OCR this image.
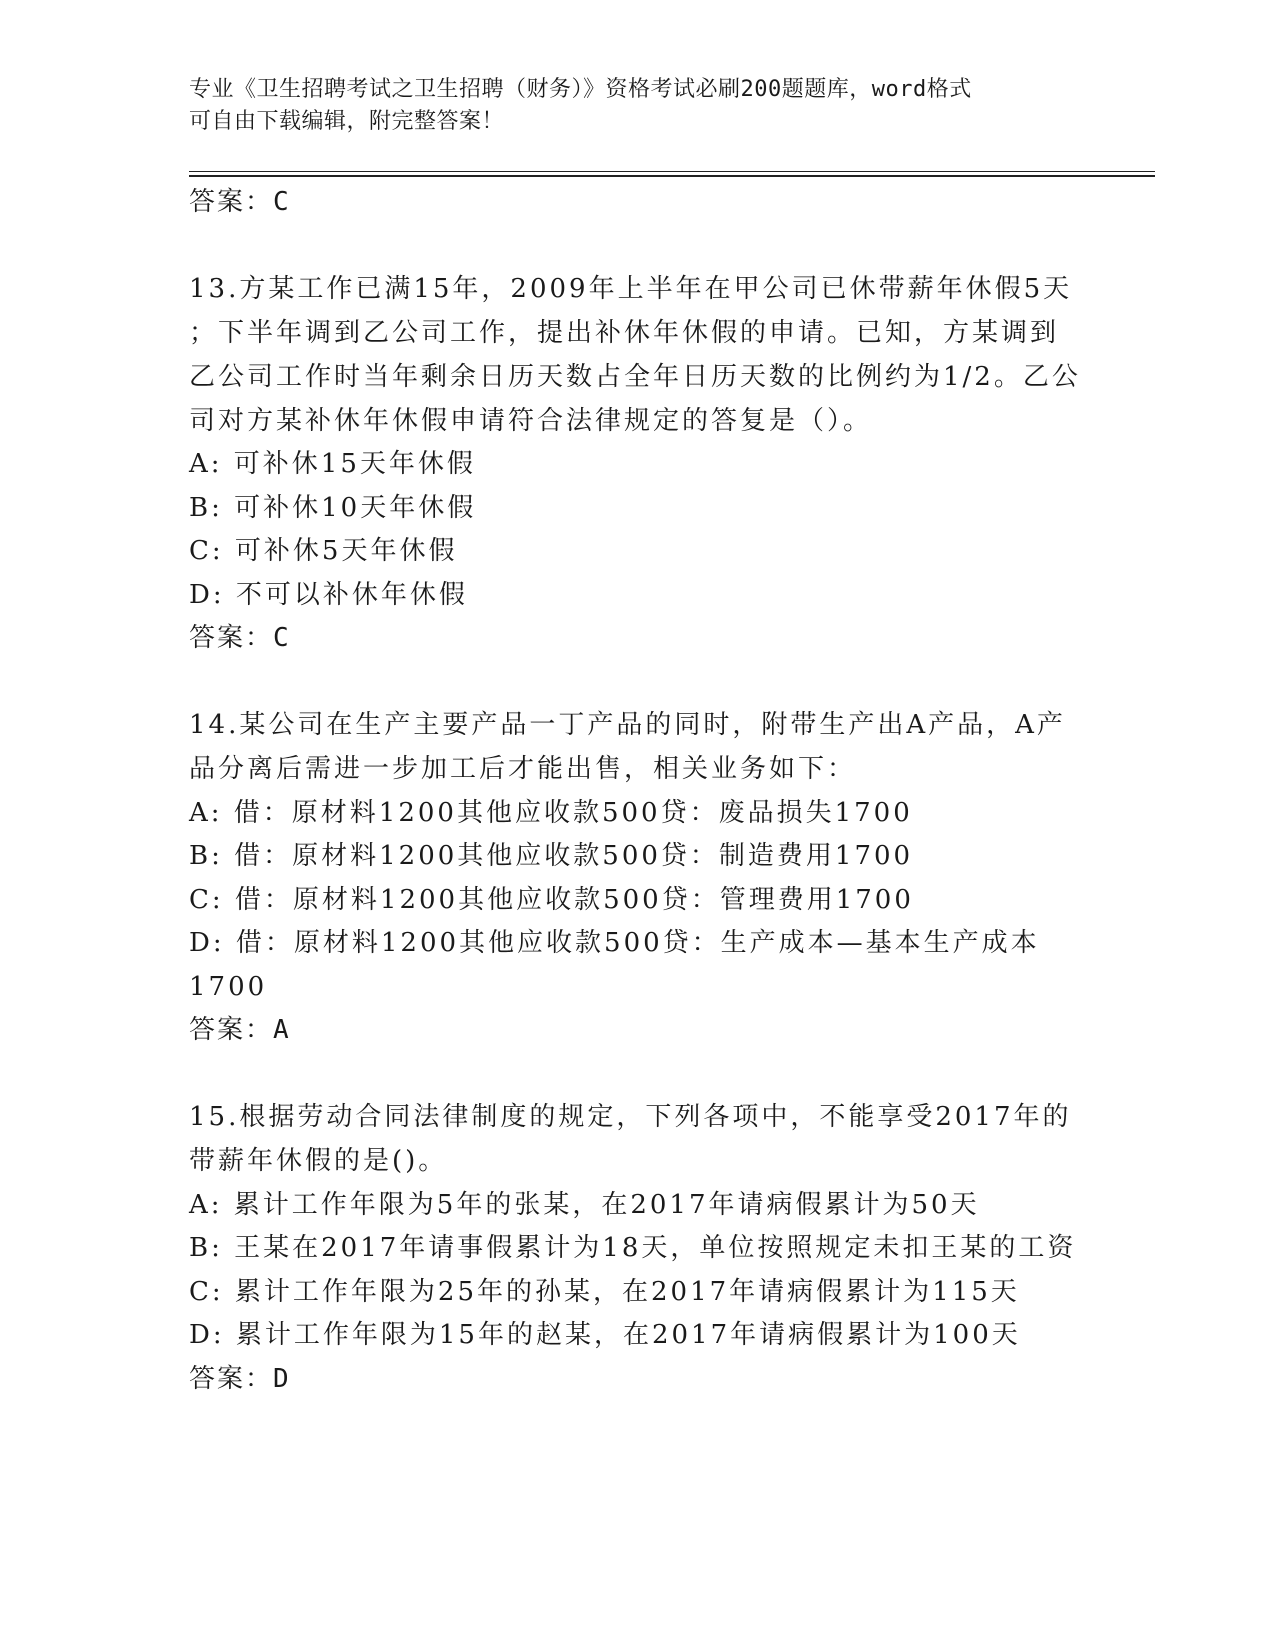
专业《卫生招聘考试之卫生招聘（财务）》资格考试必刷200题题库，word格式
可自由下载编辑，附完整答案！
答案：C
13.方某工作已满15年，2009年上半年在甲公司已休带薪年休假5天
；下半年调到乙公司工作，提出补休年休假的申请。已知，方某调到
乙公司工作时当年剩余日历天数占全年日历天数的比例约为1/2。乙公
司对方某补休年休假申请符合法律规定的答复是（）。
A: 可补休15天年休假
B: 可补休10天年休假
C: 可补休5天年休假
D: 不可以补休年休假
答案：C
14.某公司在生产主要产品一丁产品的同时，附带生产出A产品，A产
品分离后需进一步加工后才能出售，相关业务如下：
A: 借：原材料1200其他应收款500贷：废品损失1700
B: 借：原材料1200其他应收款500贷：制造费用1700
C: 借：原材料1200其他应收款500贷：管理费用1700
D: 借：原材料1200其他应收款500贷：生产成本—基本生产成本
1700
答案：A
15.根据劳动合同法律制度的规定，下列各项中，不能享受2017年的
带薪年休假的是()。
A: 累计工作年限为5年的张某，在2017年请病假累计为50天
B: 王某在2017年请事假累计为18天，单位按照规定未扣王某的工资
C: 累计工作年限为25年的孙某，在2017年请病假累计为115天
D: 累计工作年限为15年的赵某，在2017年请病假累计为100天
答案：D
